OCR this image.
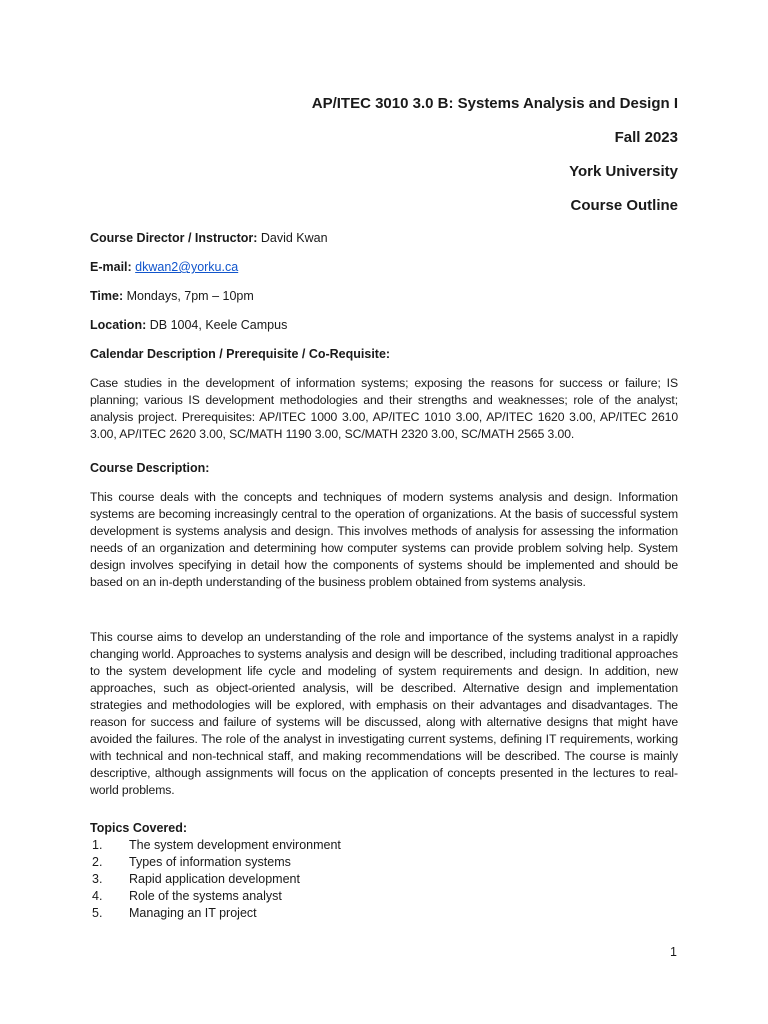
AP/ITEC 3010 3.0 B: Systems Analysis and Design I
Fall 2023
York University
Course Outline
Course Director / Instructor: David Kwan
E-mail: dkwan2@yorku.ca
Time: Mondays, 7pm – 10pm
Location: DB 1004, Keele Campus
Calendar Description / Prerequisite / Co-Requisite:
Case studies in the development of information systems; exposing the reasons for success or failure; IS planning; various IS development methodologies and their strengths and weaknesses; role of the analyst; analysis project. Prerequisites: AP/ITEC 1000 3.00, AP/ITEC 1010 3.00, AP/ITEC 1620 3.00, AP/ITEC 2610 3.00, AP/ITEC 2620 3.00, SC/MATH 1190 3.00, SC/MATH 2320 3.00, SC/MATH 2565 3.00.
Course Description:
This course deals with the concepts and techniques of modern systems analysis and design. Information systems are becoming increasingly central to the operation of organizations. At the basis of successful system development is systems analysis and design. This involves methods of analysis for assessing the information needs of an organization and determining how computer systems can provide problem solving help. System design involves specifying in detail how the components of systems should be implemented and should be based on an in-depth understanding of the business problem obtained from systems analysis.
This course aims to develop an understanding of the role and importance of the systems analyst in a rapidly changing world. Approaches to systems analysis and design will be described, including traditional approaches to the system development life cycle and modeling of system requirements and design. In addition, new approaches, such as object-oriented analysis, will be described. Alternative design and implementation strategies and methodologies will be explored, with emphasis on their advantages and disadvantages. The reason for success and failure of systems will be discussed, along with alternative designs that might have avoided the failures. The role of the analyst in investigating current systems, defining IT requirements, working with technical and non-technical staff, and making recommendations will be described. The course is mainly descriptive, although assignments will focus on the application of concepts presented in the lectures to real-world problems.
Topics Covered:
1. The system development environment
2. Types of information systems
3. Rapid application development
4. Role of the systems analyst
5. Managing an IT project
1
